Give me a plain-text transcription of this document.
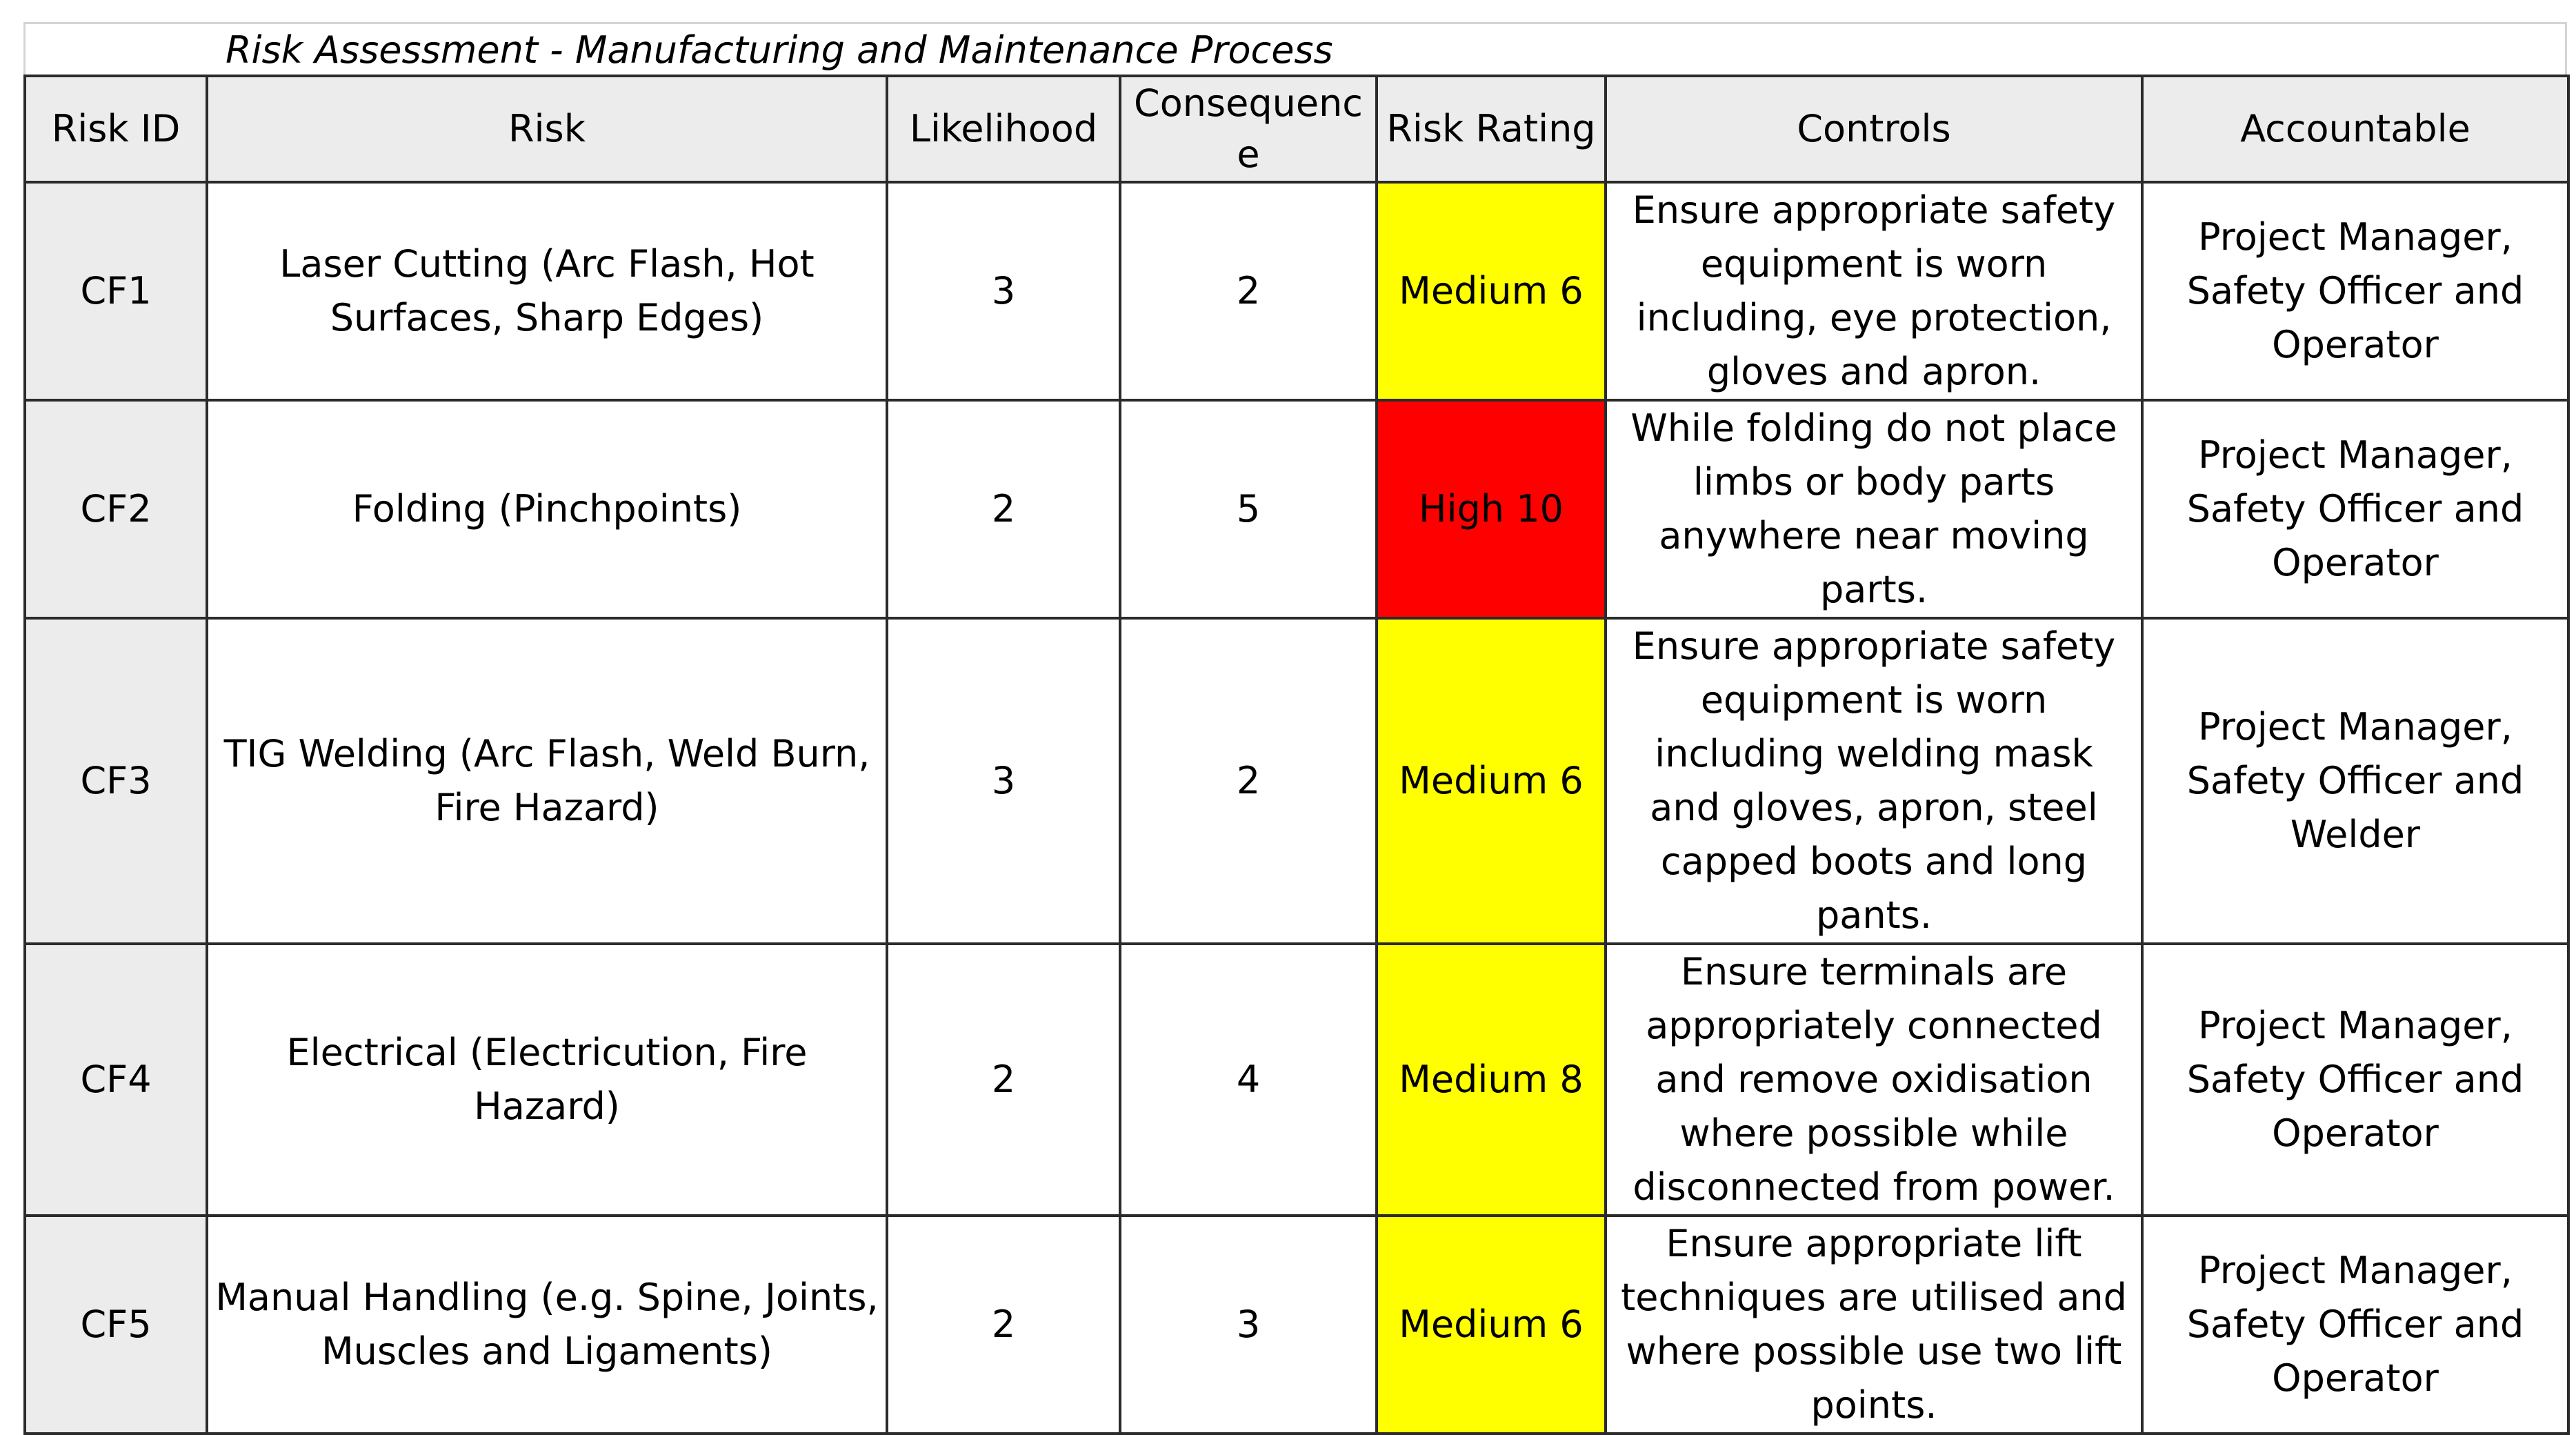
Risk Assessment - Manufacturing and Maintenance Process
Risk ID	Risk	Likelihood	Consequence	Risk Rating	Controls	Accountable
CF1	Laser Cutting (Arc Flash, Hot Surfaces, Sharp Edges)	3	2	Medium 6	Ensure appropriate safety equipment is worn including, eye protection, gloves and apron.	Project Manager, Safety Officer and Operator
CF2	Folding (Pinchpoints)	2	5	High 10	While folding do not place limbs or body parts anywhere near moving parts.	Project Manager, Safety Officer and Operator
CF3	TIG Welding (Arc Flash, Weld Burn, Fire Hazard)	3	2	Medium 6	Ensure appropriate safety equipment is worn including welding mask and gloves, apron, steel capped boots and long pants.	Project Manager, Safety Officer and Welder
CF4	Electrical (Electricution, Fire Hazard)	2	4	Medium 8	Ensure terminals are appropriately connected and remove oxidisation where possible while disconnected from power.	Project Manager, Safety Officer and Operator
CF5	Manual Handling (e.g. Spine, Joints, Muscles and Ligaments)	2	3	Medium 6	Ensure appropriate lift techniques are utilised and where possible use two lift points.	Project Manager, Safety Officer and Operator
